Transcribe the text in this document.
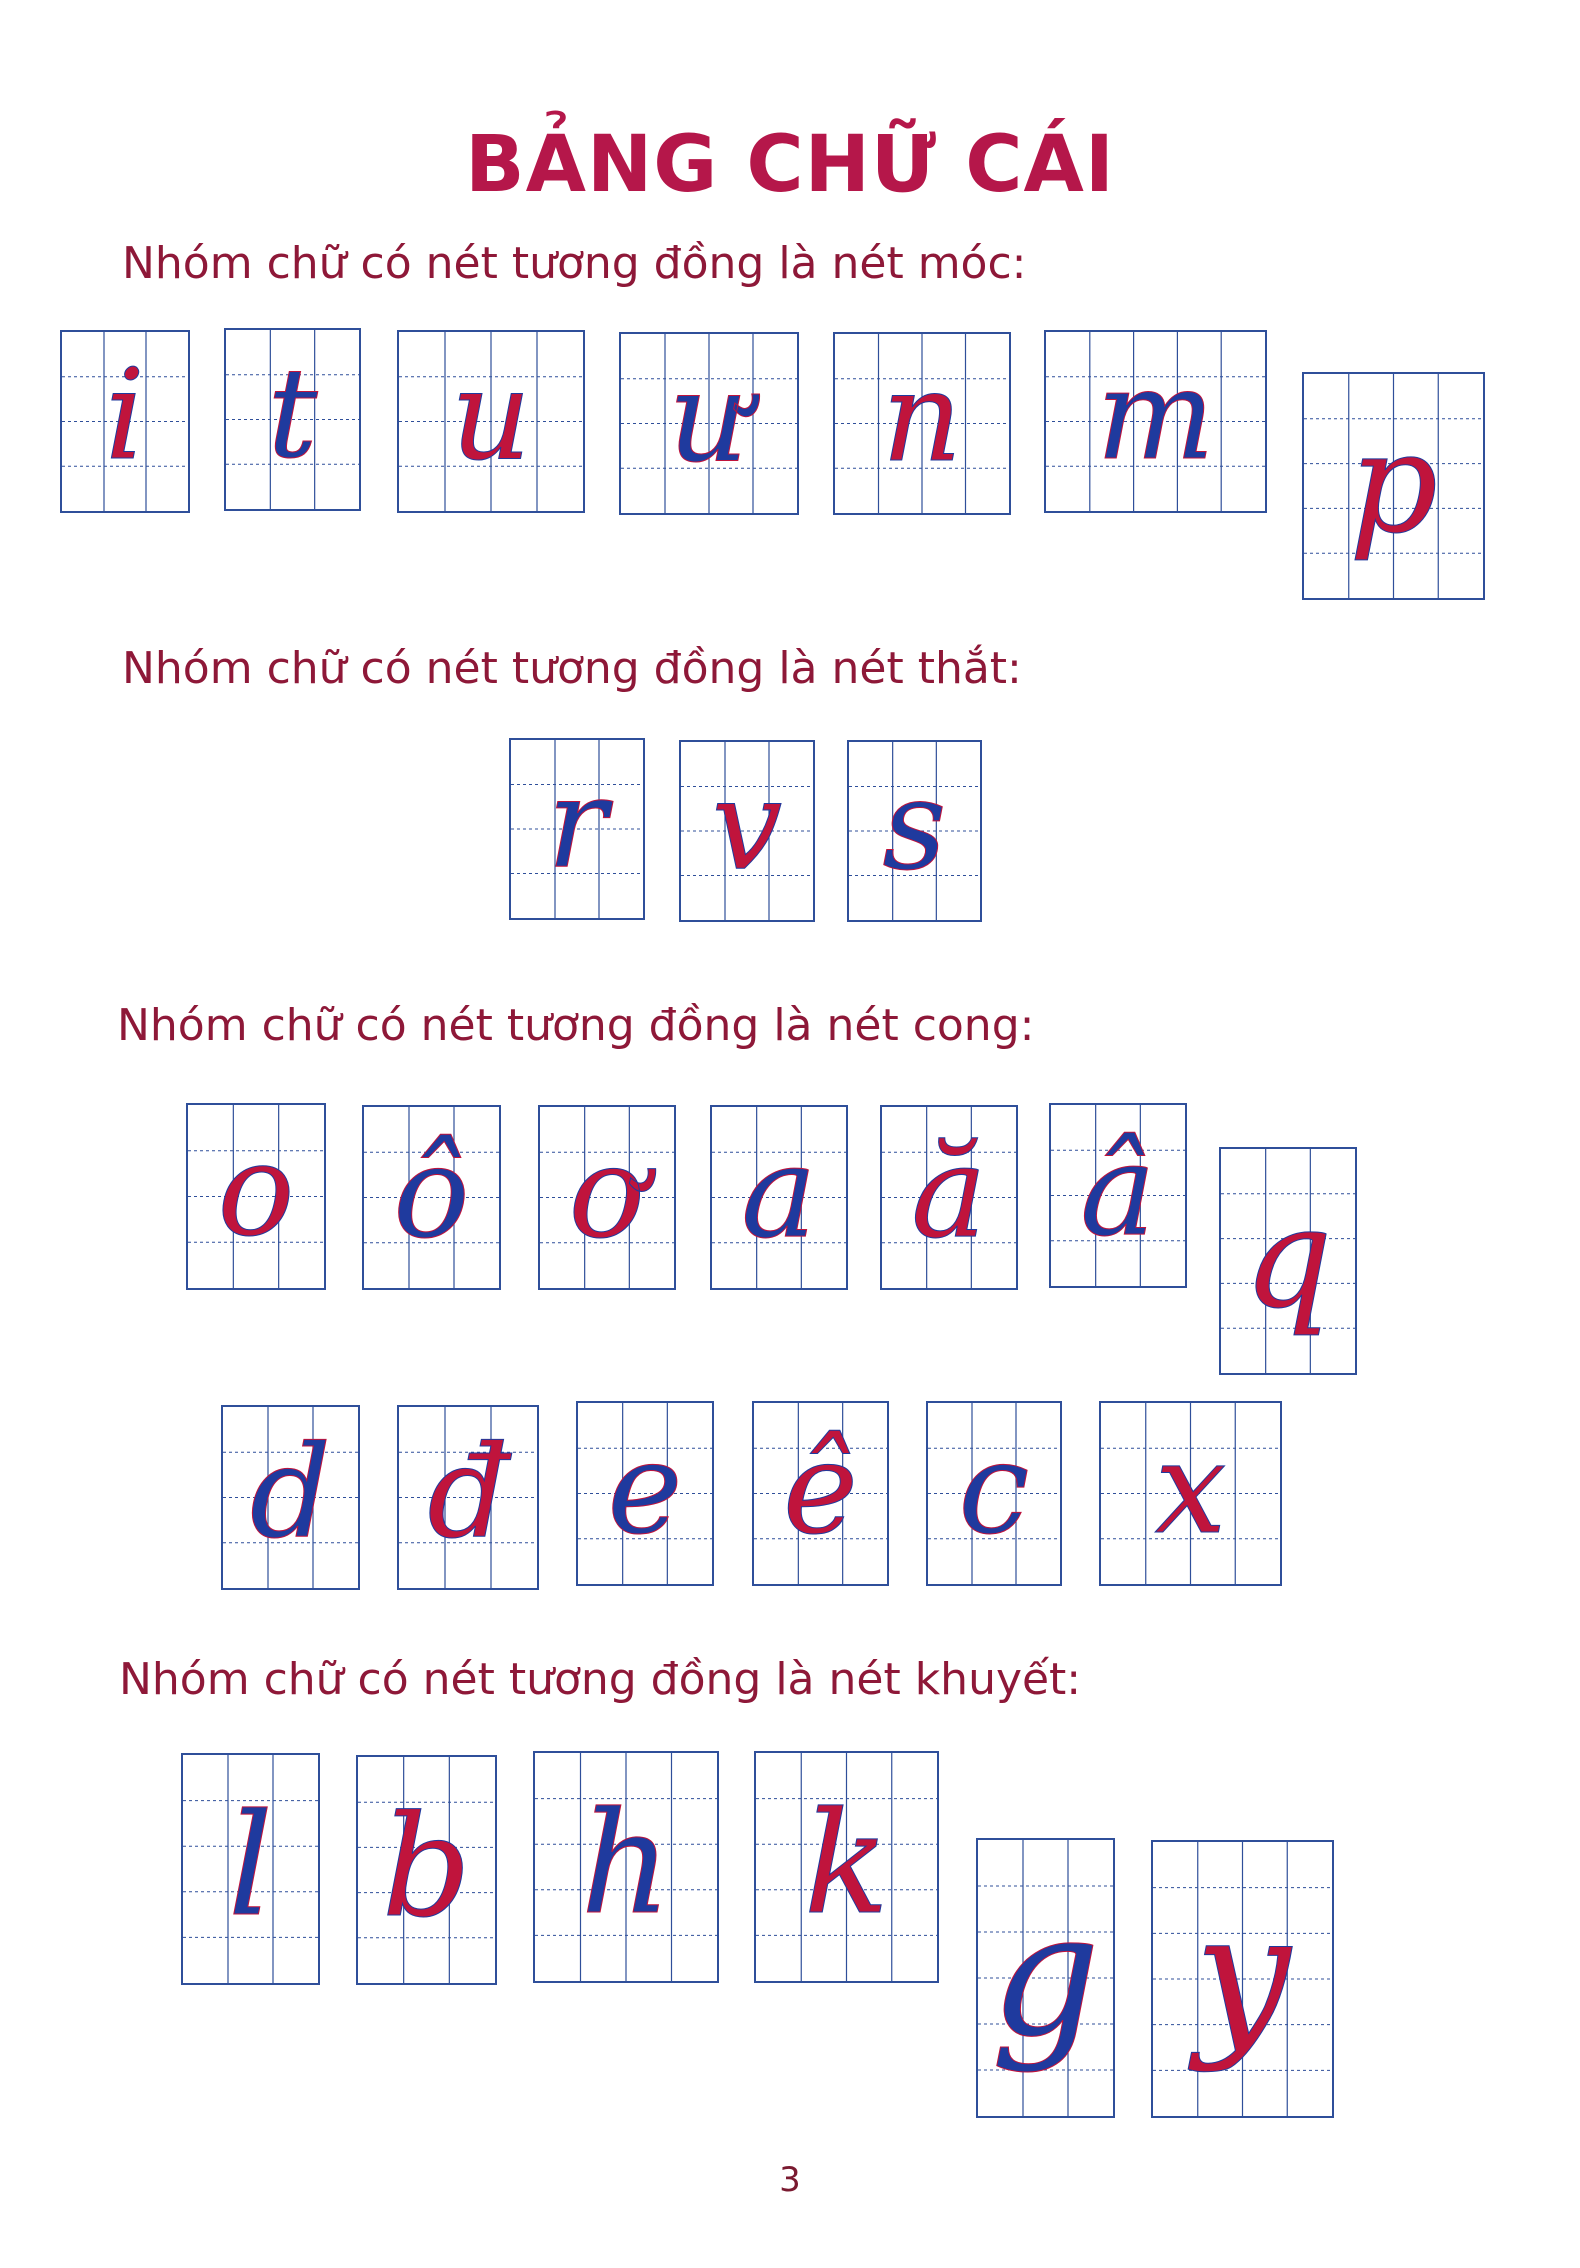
BẢNG CHỮ CÁI
Nhóm chữ có nét tương đồng là nét móc:
Nhóm chữ có nét tương đồng là nét thắt:
Nhóm chữ có nét tương đồng là nét cong:
Nhóm chữ có nét tương đồng là nét khuyết:
i t	u	ư	n	m p
r v s
o ô ơ a ă â q
d đ e ê c x
l b h k
g y
3
